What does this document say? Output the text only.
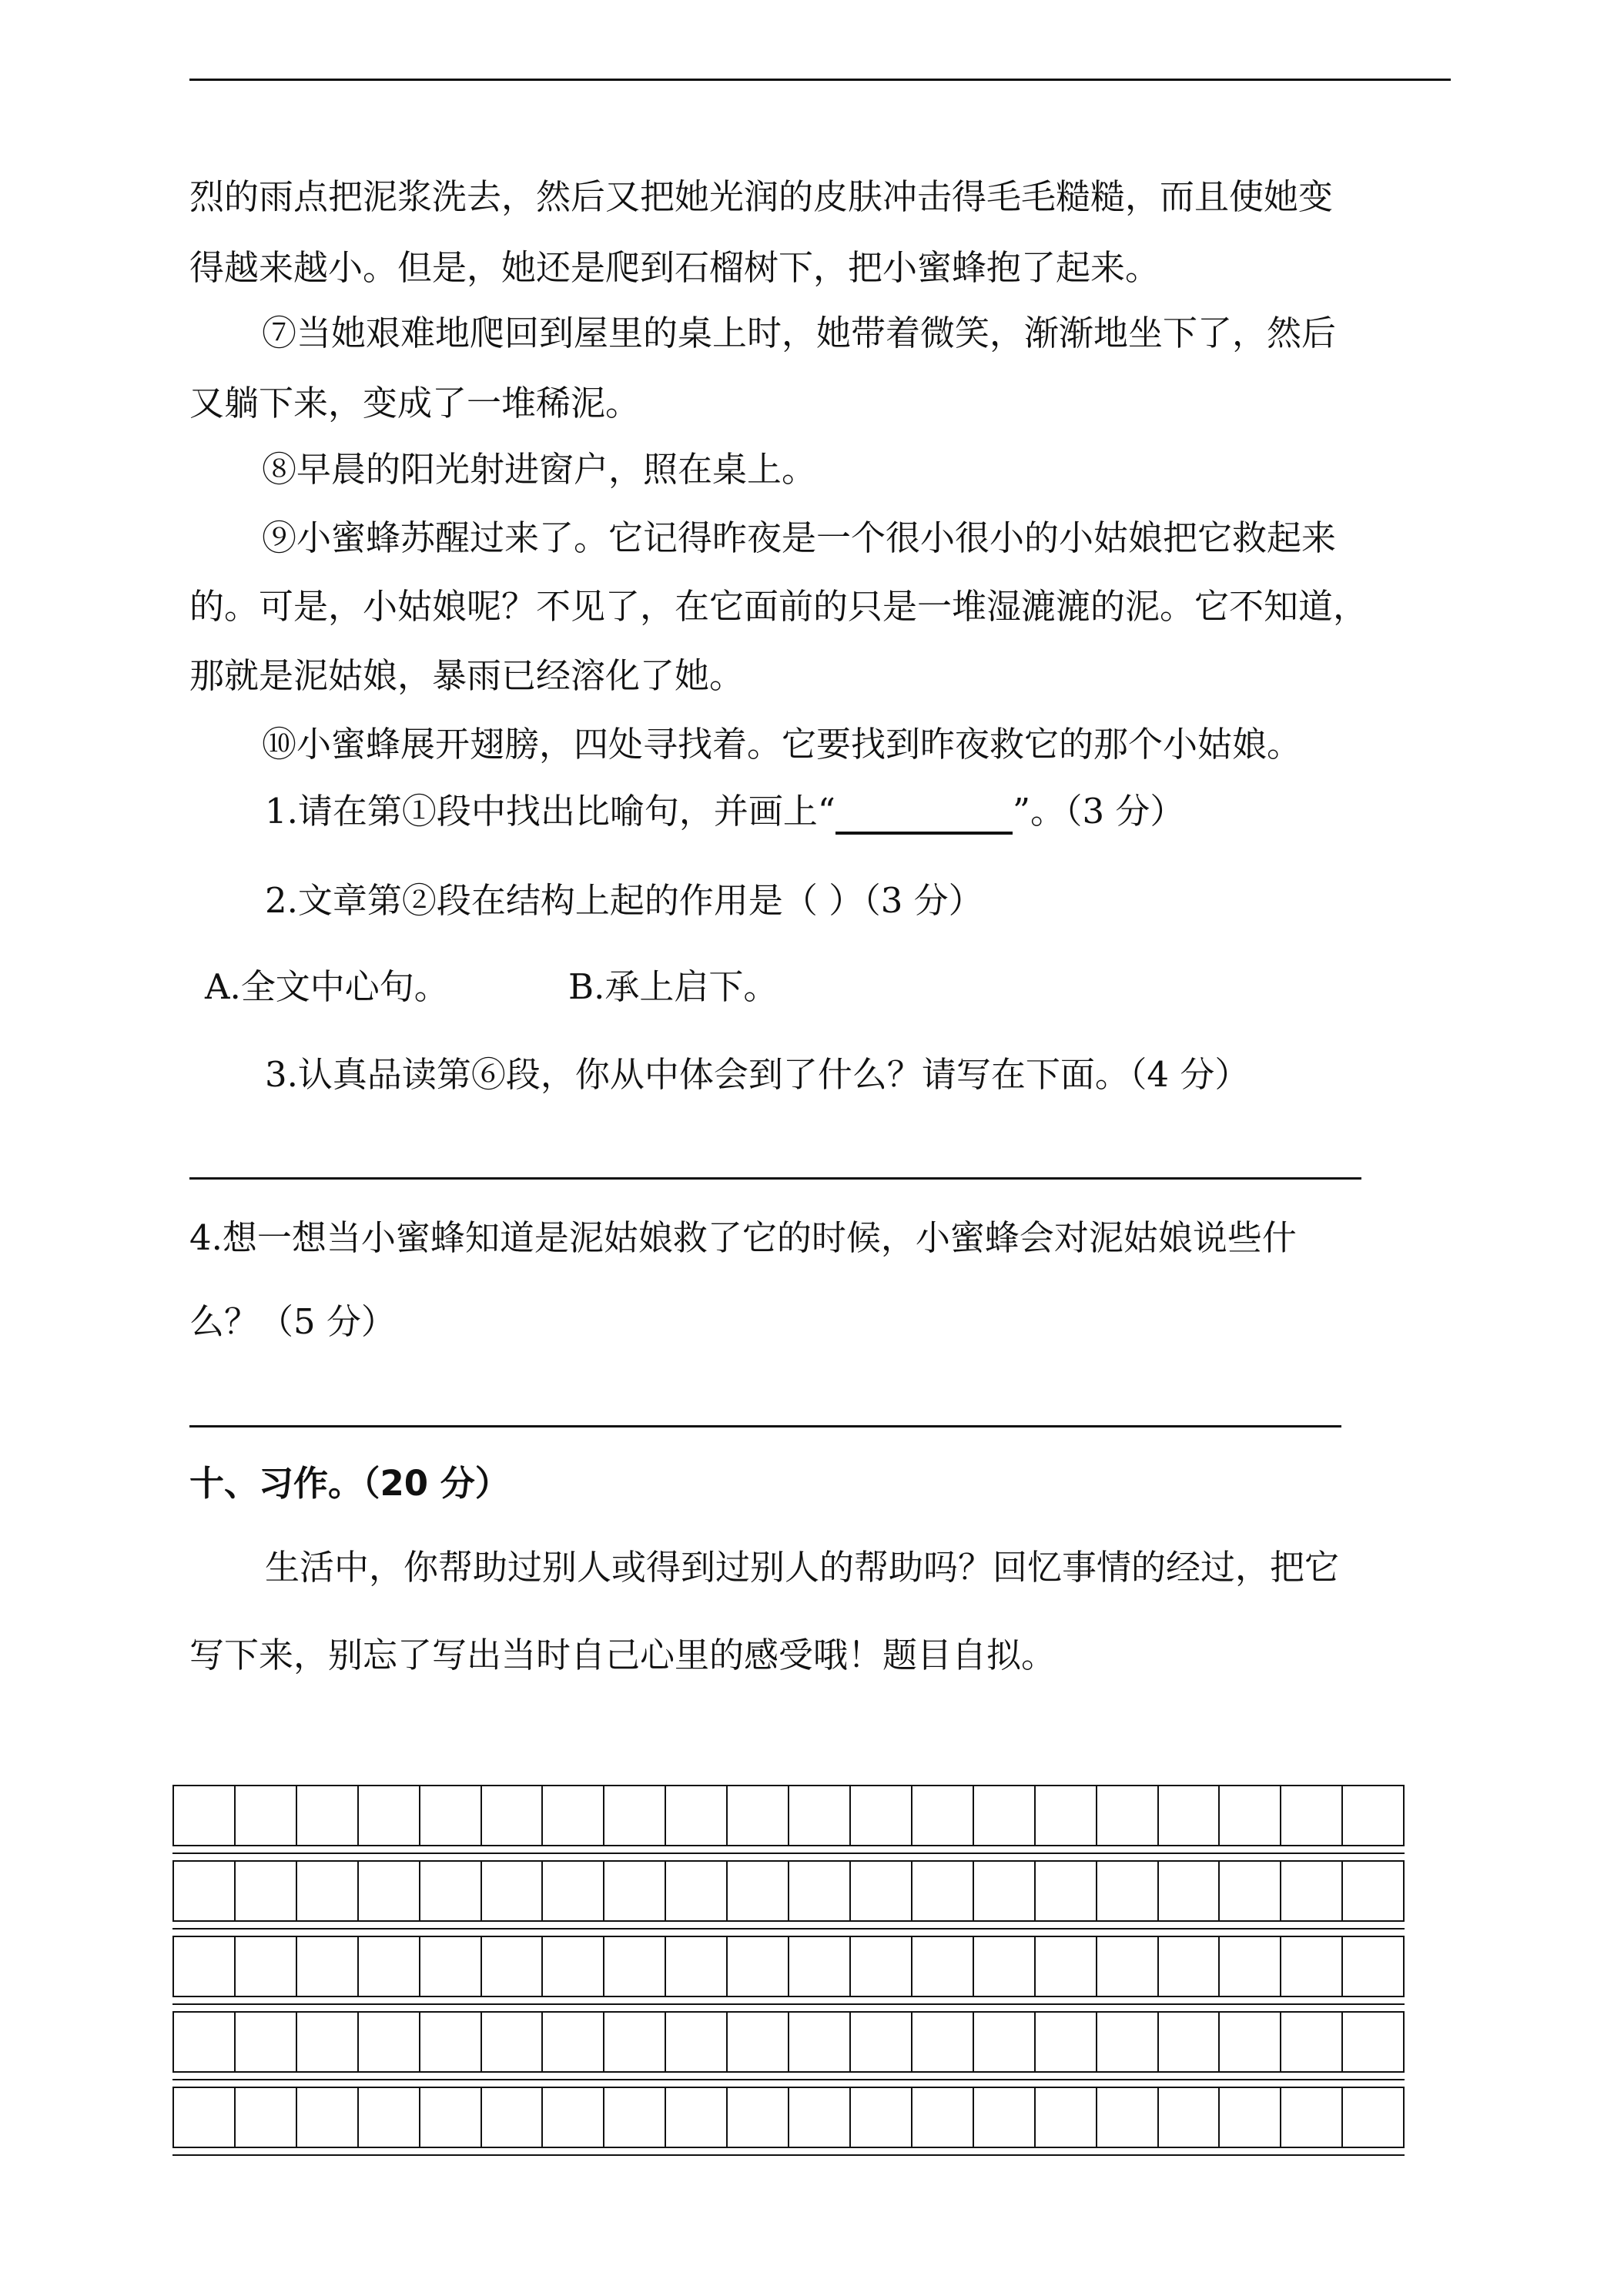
烈的雨点把泥浆洗去，然后又把她光润的皮肤冲击得毛毛糙糙，而且使她变
得越来越小。但是，她还是爬到石榴树下，把小蜜蜂抱了起来。
⑦当她艰难地爬回到屋里的桌上时，她带着微笑，渐渐地坐下了，然后
又躺下来，变成了一堆稀泥。
⑧早晨的阳光射进窗户，照在桌上。
⑨小蜜蜂苏醒过来了。它记得昨夜是一个很小很小的小姑娘把它救起来
的。可是，小姑娘呢？不见了，在它面前的只是一堆湿漉漉的泥。它不知道，
那就是泥姑娘，暴雨已经溶化了她。
⑩小蜜蜂展开翅膀，四处寻找着。它要找到昨夜救它的那个小姑娘。
1.请在第①段中找出比喻句，并画上“	”。（3 分）
2.文章第②段在结构上起的作用是（ ）（3 分）
A.全文中心句。	B.承上启下。
3.认真品读第⑥段，你从中体会到了什么？请写在下面。（4 分）
4.想一想当小蜜蜂知道是泥姑娘救了它的时候，小蜜蜂会对泥姑娘说些什
么？（5 分）
十、习作。（20 分）
生活中，你帮助过别人或得到过别人的帮助吗？回忆事情的经过，把它
写下来，别忘了写出当时自己心里的感受哦！题目自拟。
